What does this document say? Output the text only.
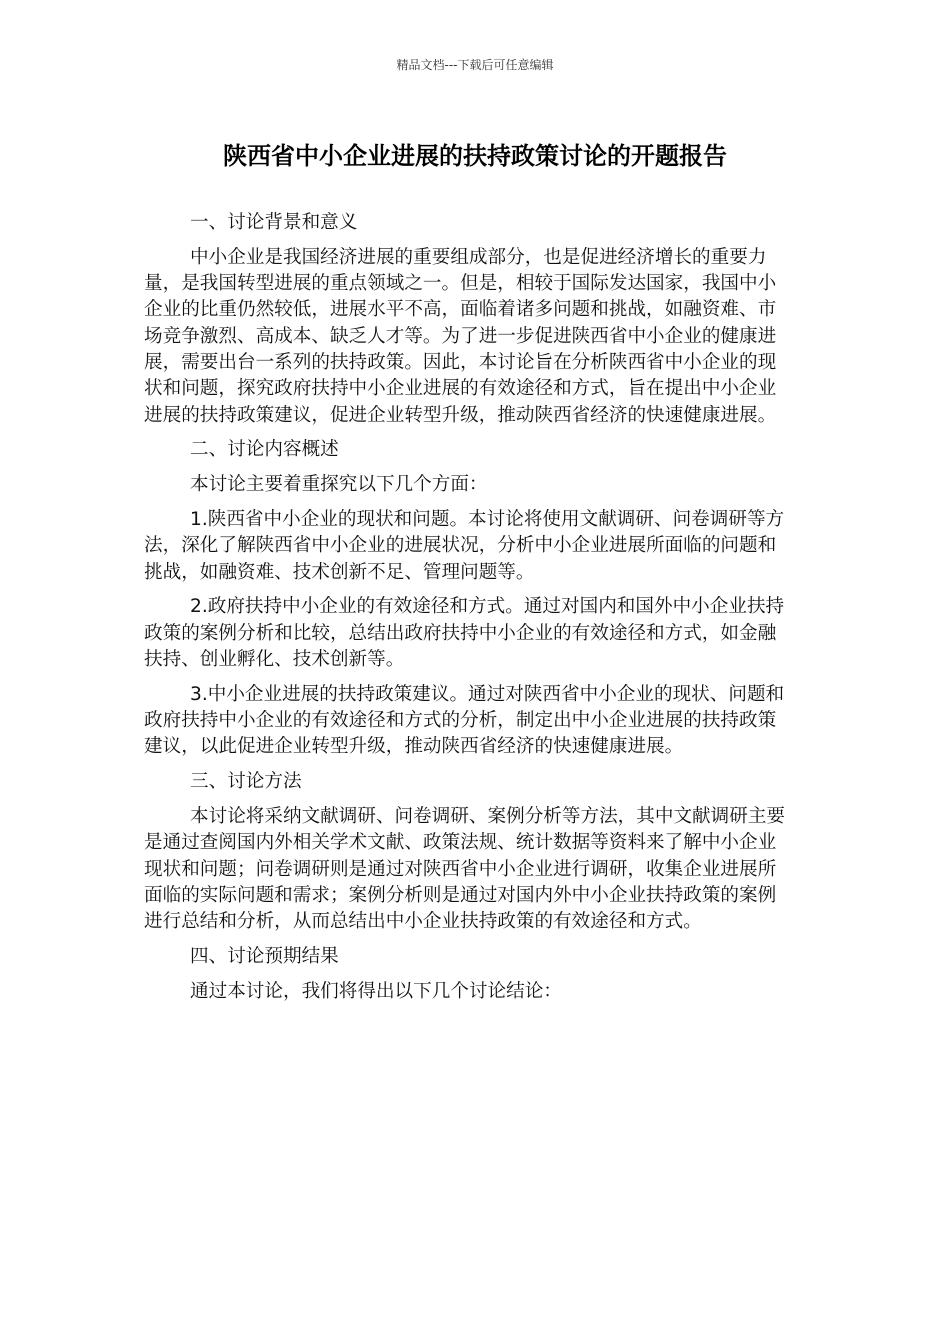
精品文档---下载后可任意编辑
陕西省中小企业进展的扶持政策讨论的开题报告

一、讨论背景和意义

中小企业是我国经济进展的重要组成部分，也是促进经济增长的重要力量，是我国转型进展的重点领域之一。但是，相较于国际发达国家，我国中小企业的比重仍然较低，进展水平不高，面临着诸多问题和挑战，如融资难、市场竞争激烈、高成本、缺乏人才等。为了进一步促进陕西省中小企业的健康进展，需要出台一系列的扶持政策。因此，本讨论旨在分析陕西省中小企业的现状和问题，探究政府扶持中小企业进展的有效途径和方式，旨在提出中小企业进展的扶持政策建议，促进企业转型升级，推动陕西省经济的快速健康进展。

二、讨论内容概述

本讨论主要着重探究以下几个方面：

1.陕西省中小企业的现状和问题。本讨论将使用文献调研、问卷调研等方法，深化了解陕西省中小企业的进展状况，分析中小企业进展所面临的问题和挑战，如融资难、技术创新不足、管理问题等。

2.政府扶持中小企业的有效途径和方式。通过对国内和国外中小企业扶持政策的案例分析和比较，总结出政府扶持中小企业的有效途径和方式，如金融扶持、创业孵化、技术创新等。

3.中小企业进展的扶持政策建议。通过对陕西省中小企业的现状、问题和政府扶持中小企业的有效途径和方式的分析，制定出中小企业进展的扶持政策建议，以此促进企业转型升级，推动陕西省经济的快速健康进展。

三、讨论方法

本讨论将采纳文献调研、问卷调研、案例分析等方法，其中文献调研主要是通过查阅国内外相关学术文献、政策法规、统计数据等资料来了解中小企业现状和问题；问卷调研则是通过对陕西省中小企业进行调研，收集企业进展所面临的实际问题和需求；案例分析则是通过对国内外中小企业扶持政策的案例进行总结和分析，从而总结出中小企业扶持政策的有效途径和方式。

四、讨论预期结果

通过本讨论，我们将得出以下几个讨论结论：
